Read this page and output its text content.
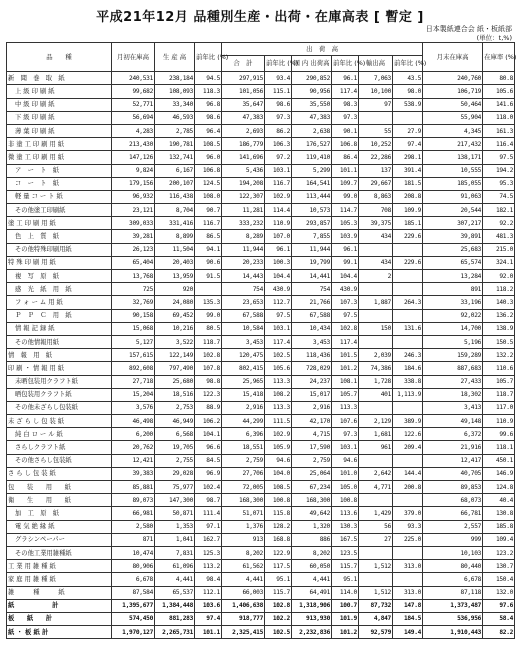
平成21年12月 品種別生産・出荷・在庫高表 [ 暫定 ]
日本製紙連合会 紙・板紙部
(単位：t,%)
品　　種	月初在庫高	生 産 高	前年比 (%)	出　荷　高						月末在庫高	在庫率 (%)
				合　計	前年比 (%)	国 内 出荷高	前年比 (%)	輸出高	前年比 (%)		
新　聞　巻　取　紙	240,531	238,184	94.5	297,915	93.4	290,852	96.1	7,063	43.5	240,760	80.8
上 級 印 刷 紙	99,682	108,093	118.3	101,056	115.1	90,956	117.4	10,100	98.0	106,719	105.6
中 級 印 刷 紙	52,771	33,340	96.8	35,647	98.6	35,550	98.3	97	538.9	50,464	141.6
下 級 印 刷 紙	56,694	46,593	98.6	47,383	97.3	47,383	97.3			55,904	118.0
薄 葉 印 刷 紙	4,283	2,785	96.4	2,693	86.2	2,638	90.1	55	27.9	4,345	161.3
非 塗 工 印 刷 用 紙	213,430	190,781	108.5	186,779	106.3	176,527	106.8	10,252	97.4	217,432	116.4
微 塗 工 印 刷 用 紙	147,126	132,741	96.0	141,696	97.2	119,410	86.4	22,286	298.1	138,171	97.5
ア　ー　ト　紙	9,824	6,167	106.8	5,436	103.1	5,299	101.1	137	391.4	10,555	194.2
コ　ー　ト　紙	179,156	200,107	124.5	194,208	116.7	164,541	109.7	29,667	181.5	185,055	95.3
軽 量 コ ー ト 紙	96,932	116,438	108.0	122,307	102.9	113,444	99.0	8,863	208.8	91,063	74.5
その他塗工印刷紙	23,121	8,704	90.7	11,281	114.4	10,573	114.7	708	109.9	20,544	182.1
塗 工 印 刷 用 紙	309,033	331,416	116.7	333,232	110.9	293,857	105.3	39,375	185.1	307,217	92.2
色　上　質　紙	39,281	8,899	86.5	8,289	107.0	7,855	103.9	434	229.6	39,891	481.3
その他特殊印刷用紙	26,123	11,504	94.1	11,944	96.1	11,944	96.1			25,683	215.0
特 殊 印 刷 用 紙	65,404	20,403	90.6	20,233	100.3	19,799	99.1	434	229.6	65,574	324.1
複　写　原　紙	13,768	13,959	91.5	14,443	104.4	14,441	104.4	2		13,284	92.0
感　光　紙　用　紙	725	920		754	430.9	754	430.9			891	118.2
フ ォ ー ム 用 紙	32,769	24,080	135.3	23,653	112.7	21,766	107.3	1,887	264.3	33,196	140.3
Ｐ　Ｐ　Ｃ　用　紙	90,158	69,452	99.0	67,588	97.5	67,588	97.5			92,022	136.2
情 報 記 録 紙	15,068	10,216	80.5	10,584	103.1	10,434	102.8	150	131.6	14,700	138.9
その他情報用紙	5,127	3,522	118.7	3,453	117.4	3,453	117.4			5,196	150.5
情　報　用　紙	157,615	122,149	102.8	120,475	102.5	118,436	101.5	2,039	246.3	159,289	132.2
印 刷 ・ 情 報 用 紙	892,608	797,490	107.8	802,415	105.6	728,029	101.2	74,386	184.6	887,683	110.6
未晒包装用クラフト紙	27,718	25,680	98.8	25,965	113.3	24,237	108.1	1,728	338.8	27,433	105.7
晒包装用クラフト紙	15,204	18,516	122.3	15,418	108.2	15,017	105.7	401	1,113.9	18,302	118.7
その他未ざらし包装紙	3,576	2,753	88.9	2,916	113.3	2,916	113.3			3,413	117.0
未 ざ ら し 包 装 紙	46,498	46,949	106.2	44,299	111.5	42,170	107.6	2,129	389.9	49,148	110.9
純 白 ロ ー ル 紙	6,200	6,568	104.1	6,396	102.9	4,715	97.3	1,681	122.6	6,372	99.6
さらしクラフト紙	20,762	19,705	96.6	18,551	105.9	17,590	103.1	961	209.4	21,916	118.1
その他さらし包装紙	12,421	2,755	84.5	2,759	94.6	2,759	94.6			12,417	450.1
さ ら し 包 装 紙	39,383	29,028	96.9	27,706	104.0	25,064	101.0	2,642	144.4	40,705	146.9
包　　装　　用　　紙	85,881	75,977	102.4	72,005	108.5	67,234	105.0	4,771	200.8	89,853	124.8
衛　　生　　用　　紙	89,073	147,300	98.7	168,300	100.8	168,300	100.8			68,073	40.4
加　工　原　紙	66,981	50,871	111.4	51,071	115.8	49,642	113.6	1,429	379.0	66,781	130.8
電 気 絶 縁 紙	2,580	1,353	97.1	1,376	128.2	1,320	130.3	56	93.3	2,557	185.8
グラシンペーパー	871	1,041	162.7	913	168.8	886	167.5	27	225.0	999	109.4
その他工業用雑種紙	10,474	7,831	125.3	8,202	122.9	8,202	123.5			10,103	123.2
工 業 用 雑 種 紙	80,906	61,096	113.2	61,562	117.5	60,050	115.7	1,512	313.0	80,440	130.7
家 庭 用 雑 種 紙	6,678	4,441	98.4	4,441	95.1	4,441	95.1			6,678	150.4
雑　　　種　　　紙	87,584	65,537	112.1	66,003	115.7	64,491	114.0	1,512	313.0	87,118	132.0
紙　　　　　　計	1,395,677	1,384,448	103.6	1,406,638	102.8	1,318,906	100.7	87,732	147.8	1,373,487	97.6
板　　紙　　計	574,450	881,283	97.4	918,777	102.2	913,930	101.9	4,847	184.5	536,956	58.4
紙 ・ 板 紙 計	1,970,127	2,265,731	101.1	2,325,415	102.5	2,232,836	101.2	92,579	149.4	1,910,443	82.2
